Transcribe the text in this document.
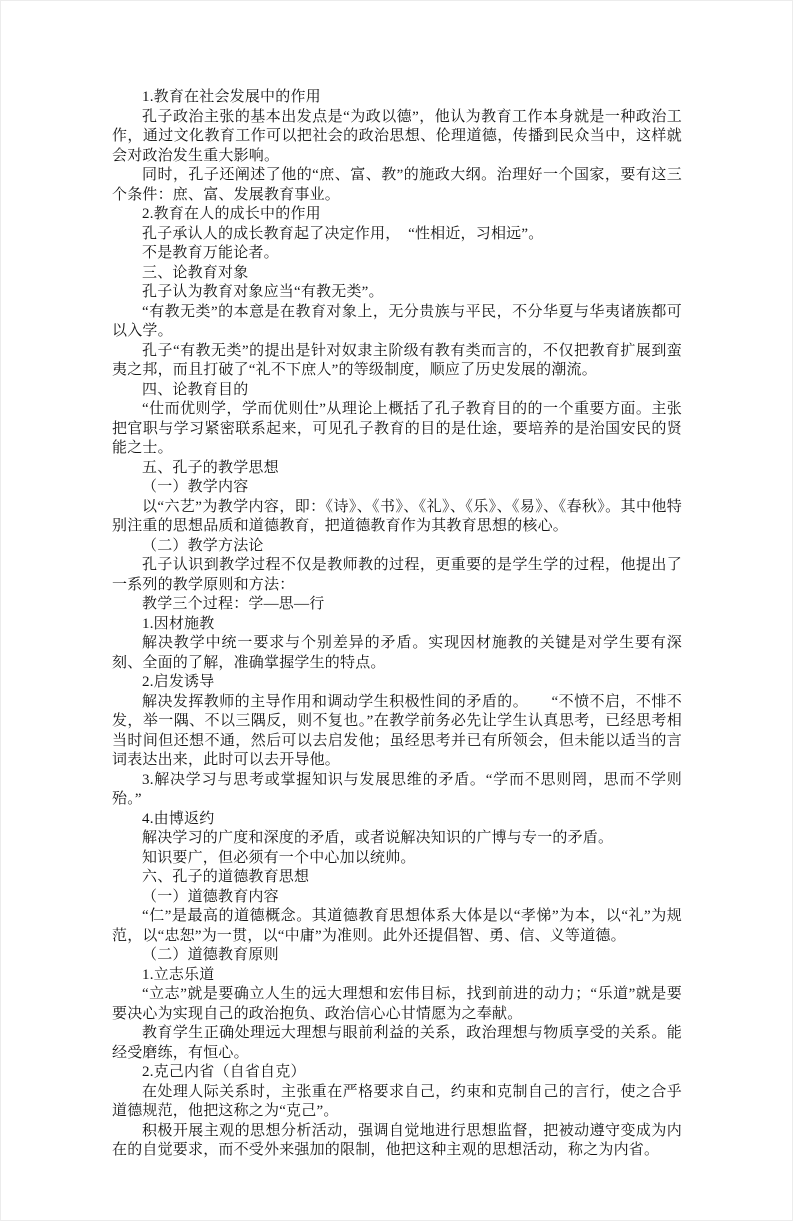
1.教育在社会发展中的作用

孔子政治主张的基本出发点是“为政以德”，他认为教育工作本身就是一种政治工作，通过文化教育工作可以把社会的政治思想、伦理道德，传播到民众当中，这样就会对政治发生重大影响。

同时，孔子还阐述了他的“庶、富、教”的施政大纲。治理好一个国家，要有这三个条件：庶、富、发展教育事业。

2.教育在人的成长中的作用

孔子承认人的成长教育起了决定作用，　“性相近，习相远”。

不是教育万能论者。

三、论教育对象

孔子认为教育对象应当“有教无类”。

“有教无类”的本意是在教育对象上，无分贵族与平民，不分华夏与华夷诸族都可以入学。

孔子“有教无类”的提出是针对奴隶主阶级有教有类而言的，不仅把教育扩展到蛮夷之邦，而且打破了“礼不下庶人”的等级制度，顺应了历史发展的潮流。

四、论教育目的

“仕而优则学，学而优则仕”从理论上概括了孔子教育目的的一个重要方面。主张把官职与学习紧密联系起来，可见孔子教育的目的是仕途，要培养的是治国安民的贤能之士。

五、孔子的教学思想

（一）教学内容

以“六艺”为教学内容，即：《诗》、《书》、《礼》、《乐》、《易》、《春秋》。其中他特别注重的思想品质和道德教育，把道德教育作为其教育思想的核心。

（二）教学方法论

孔子认识到教学过程不仅是教师教的过程，更重要的是学生学的过程，他提出了一系列的教学原则和方法：

教学三个过程：学—思—行

1.因材施教

解决教学中统一要求与个别差异的矛盾。实现因材施教的关键是对学生要有深刻、全面的了解，准确掌握学生的特点。

2.启发诱导

解决发挥教师的主导作用和调动学生积极性间的矛盾的。　　“不愤不启，不悱不发，举一隅、不以三隅反，则不复也。”在教学前务必先让学生认真思考，已经思考相当时间但还想不通，然后可以去启发他；虽经思考并已有所领会，但未能以适当的言词表达出来，此时可以去开导他。

3.解决学习与思考或掌握知识与发展思维的矛盾。“学而不思则罔，思而不学则殆。”

4.由博返约

解决学习的广度和深度的矛盾，或者说解决知识的广博与专一的矛盾。

知识要广，但必须有一个中心加以统帅。

六、孔子的道德教育思想

（一）道德教育内容

“仁”是最高的道德概念。其道德教育思想体系大体是以“孝悌”为本，以“礼”为规范，以“忠恕”为一贯，以“中庸”为准则。此外还提倡智、勇、信、义等道德。

（二）道德教育原则

1.立志乐道

“立志”就是要确立人生的远大理想和宏伟目标，找到前进的动力；“乐道”就是要要决心为实现自己的政治抱负、政治信心心甘情愿为之奉献。

教育学生正确处理远大理想与眼前利益的关系，政治理想与物质享受的关系。能经受磨练，有恒心。

2.克己内省（自省自克）

在处理人际关系时，主张重在严格要求自己，约束和克制自己的言行，使之合乎道德规范，他把这称之为“克己”。

积极开展主观的思想分析活动，强调自觉地进行思想监督，把被动遵守变成为内在的自觉要求，而不受外来强加的限制，他把这种主观的思想活动，称之为内省。
